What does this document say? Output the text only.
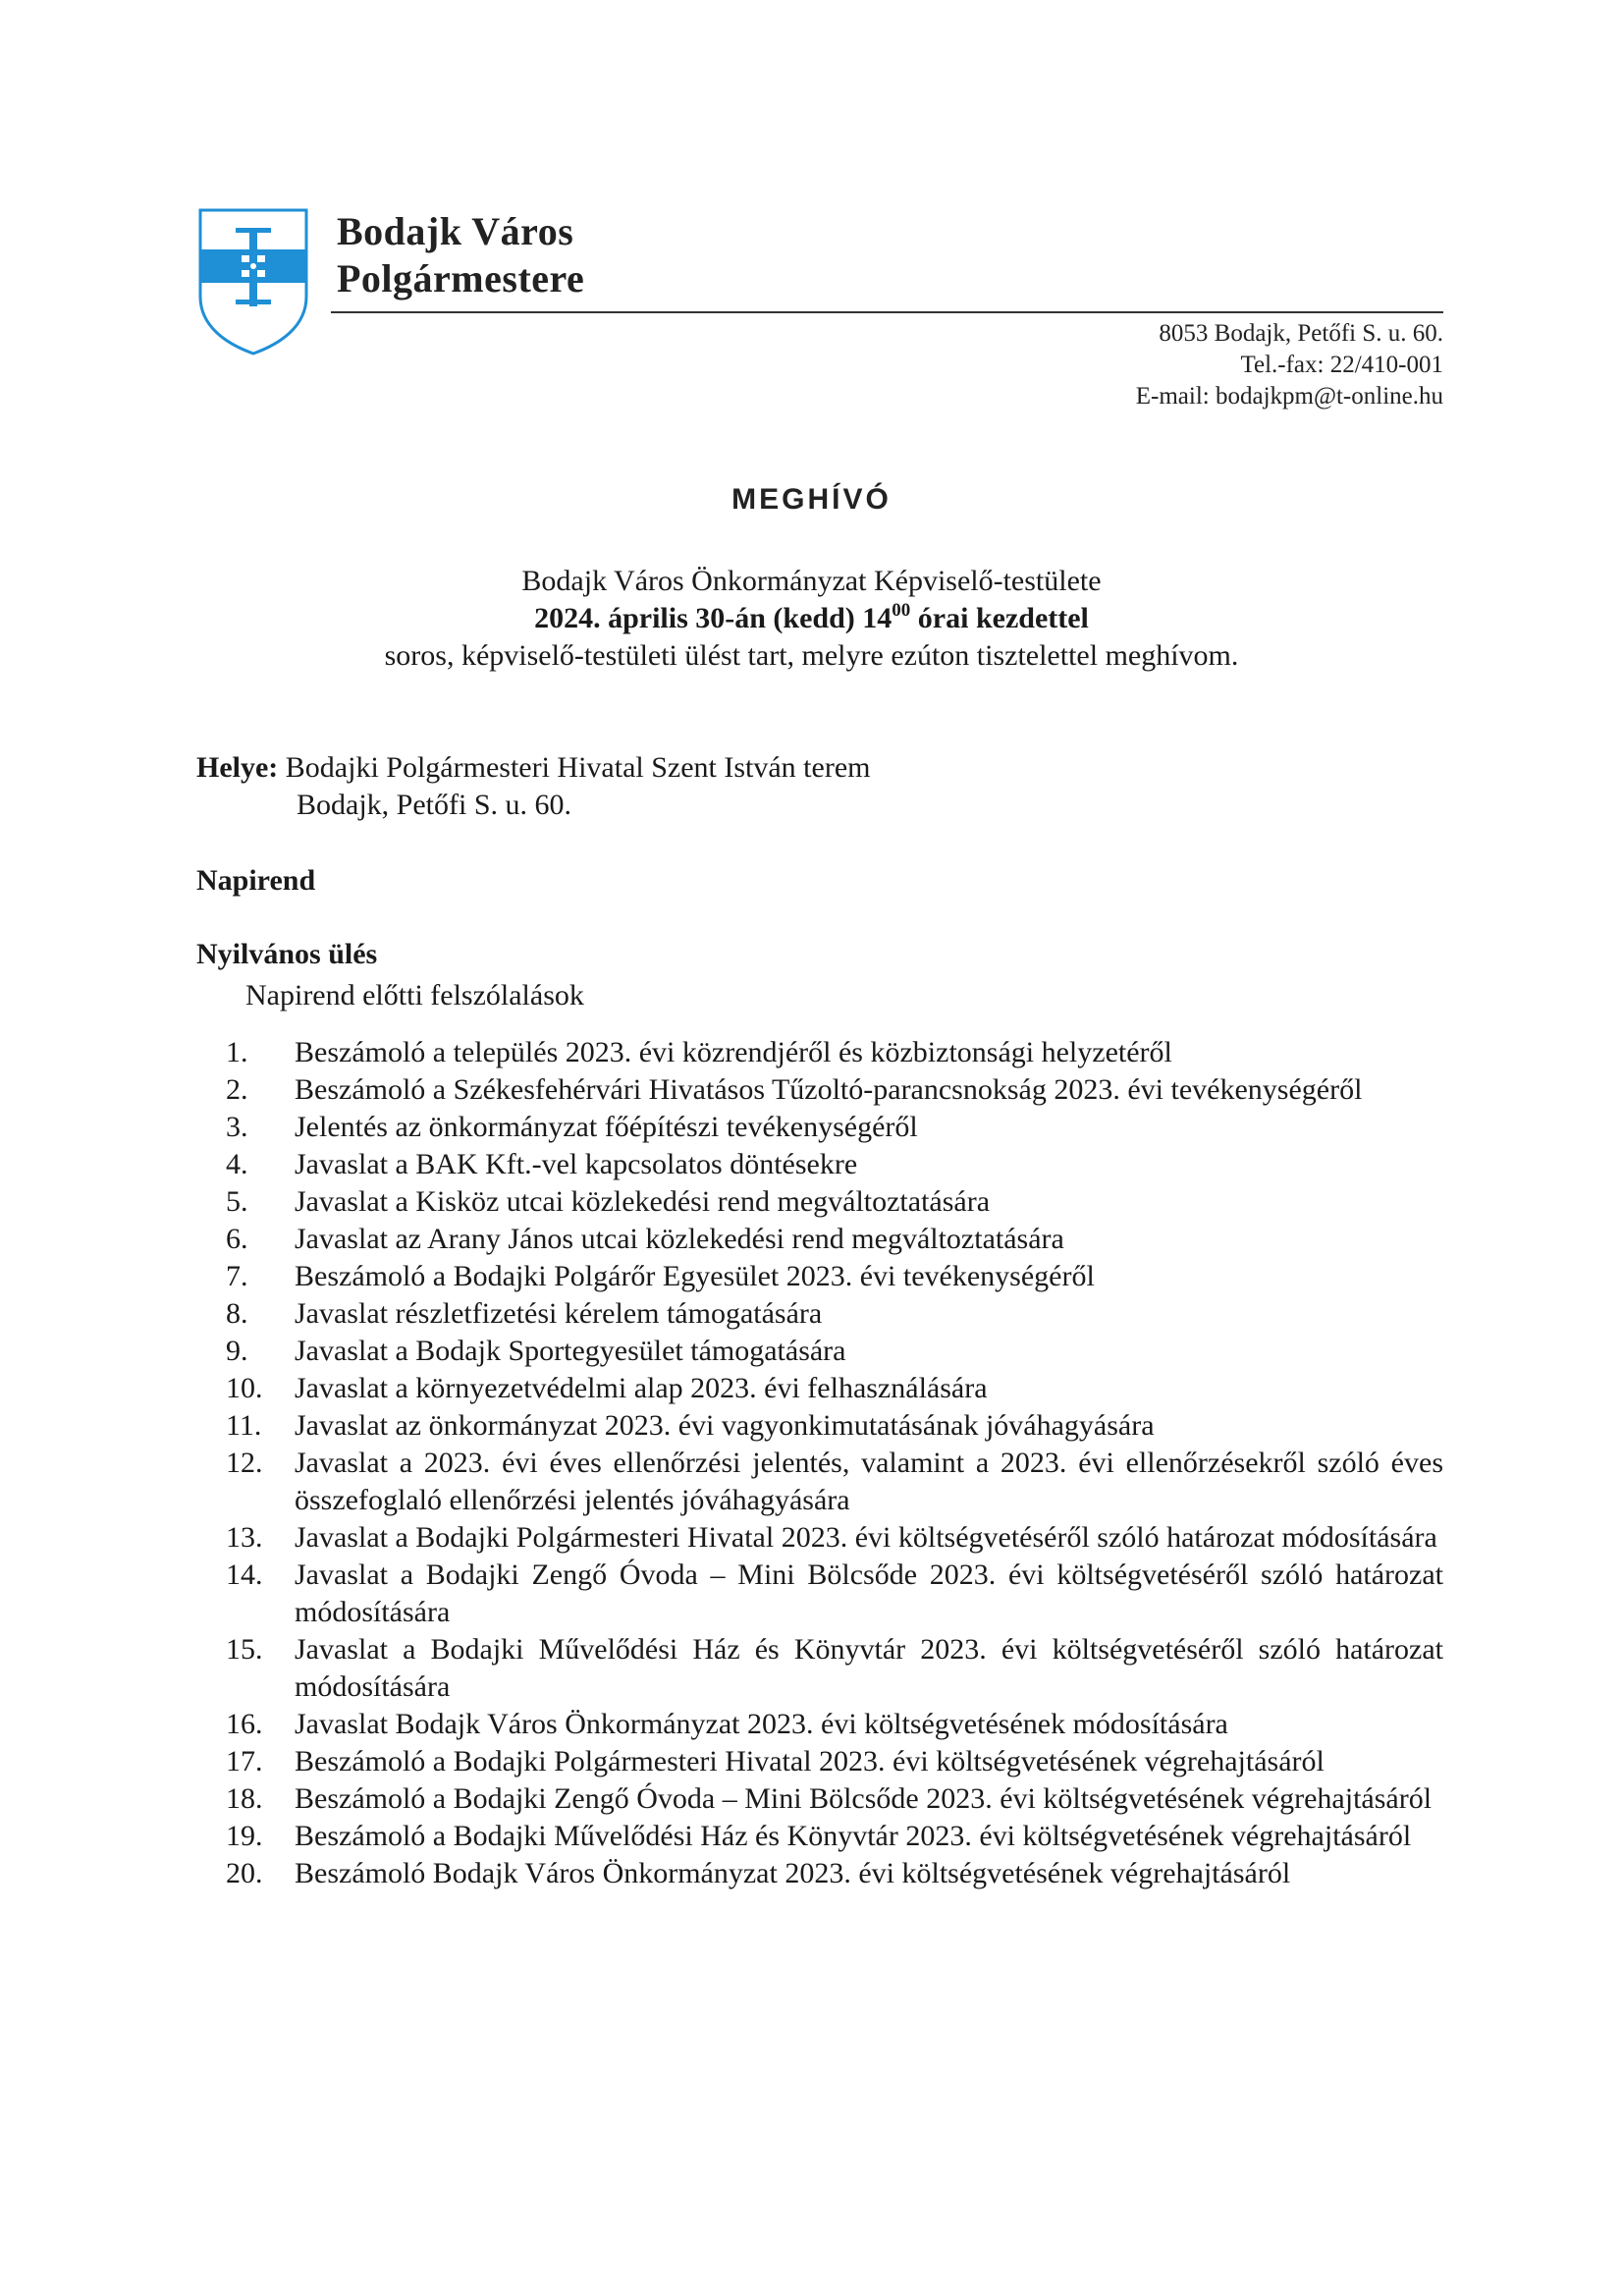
Bodajk Város
Polgármestere
8053 Bodajk, Petőfi S. u. 60.
Tel.-fax: 22/410-001
E-mail: bodajkpm@t-online.hu
MEGHÍVÓ
Bodajk Város Önkormányzat Képviselő-testülete
2024. április 30-án (kedd) $14^{00}$ órai kezdettel
soros, képviselő-testületi ülést tart, melyre ezúton tisztelettel meghívom.
Helye: Bodajki Polgármesteri Hivatal Szent István terem
Bodajk, Petőfi S. u. 60.
Napirend
Nyilvános ülés
Napirend előtti felszólalások
1.	Beszámoló a település 2023. évi közrendjéről és közbiztonsági helyzetéről
2.	Beszámoló a Székesfehérvári Hivatásos Tűzoltó-parancsnokság 2023. évi tevékenységéről
3.	Jelentés az önkormányzat főépítészi tevékenységéről
4.	Javaslat a BAK Kft.-vel kapcsolatos döntésekre
5.	Javaslat a Kisköz utcai közlekedési rend megváltoztatására
6.	Javaslat az Arany János utcai közlekedési rend megváltoztatására
7.	Beszámoló a Bodajki Polgárőr Egyesület 2023. évi tevékenységéről
8.	Javaslat részletfizetési kérelem támogatására
9.	Javaslat a Bodajk Sportegyesület támogatására
10. Javaslat a környezetvédelmi alap 2023. évi felhasználására
11. Javaslat az önkormányzat 2023. évi vagyonkimutatásának jóváhagyására
12. Javaslat a 2023. évi éves ellenőrzési jelentés, valamint a 2023. évi ellenőrzésekről szóló éves összefoglaló ellenőrzési jelentés jóváhagyására
13. Javaslat a Bodajki Polgármesteri Hivatal 2023. évi költségvetéséről szóló határozat módosítására
14. Javaslat a Bodajki Zengő Óvoda – Mini Bölcsőde 2023. évi költségvetéséről szóló határozat módosítására
15. Javaslat a Bodajki Művelődési Ház és Könyvtár 2023. évi költségvetéséről szóló határozat módosítására
16. Javaslat Bodajk Város Önkormányzat 2023. évi költségvetésének módosítására
17. Beszámoló a Bodajki Polgármesteri Hivatal 2023. évi költségvetésének végrehajtásáról
18. Beszámoló a Bodajki Zengő Óvoda – Mini Bölcsőde 2023. évi költségvetésének végrehajtásáról
19. Beszámoló a Bodajki Művelődési Ház és Könyvtár 2023. évi költségvetésének végrehajtásáról
20. Beszámoló Bodajk Város Önkormányzat 2023. évi költségvetésének végrehajtásáról
